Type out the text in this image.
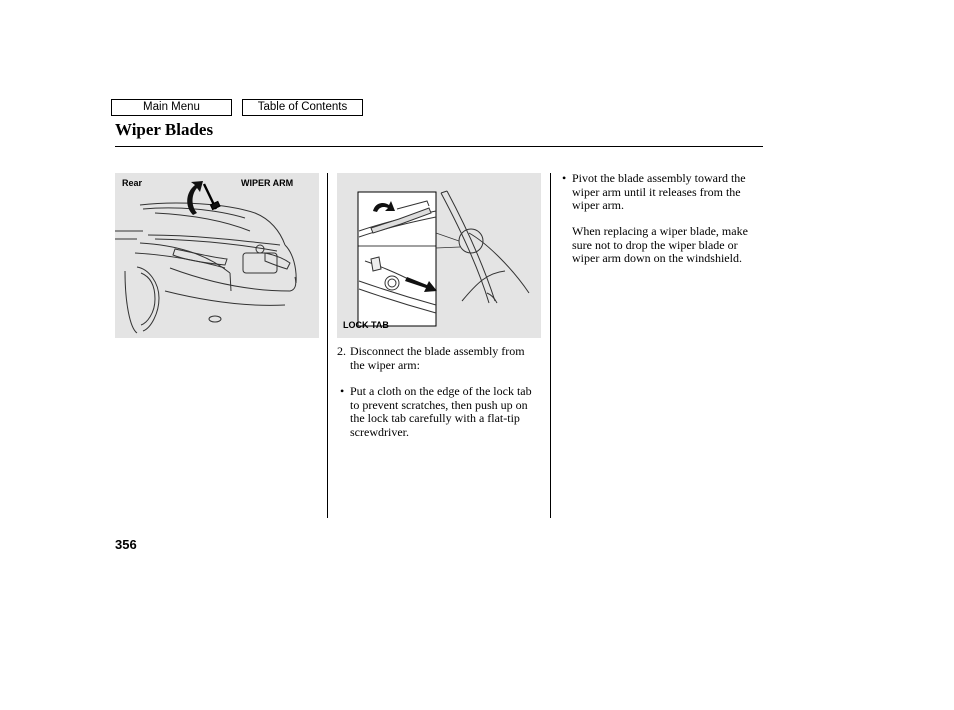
Main Menu	Table of Contents
Wiper Blades
Rear	WIPER ARM
LOCK TAB
2. Disconnect the blade assembly from the wiper arm:
• Put a cloth on the edge of the lock tab to prevent scratches, then push up on the lock tab carefully with a flat-tip screwdriver.
• Pivot the blade assembly toward the wiper arm until it releases from the wiper arm.
When replacing a wiper blade, make sure not to drop the wiper blade or wiper arm down on the windshield.
356
